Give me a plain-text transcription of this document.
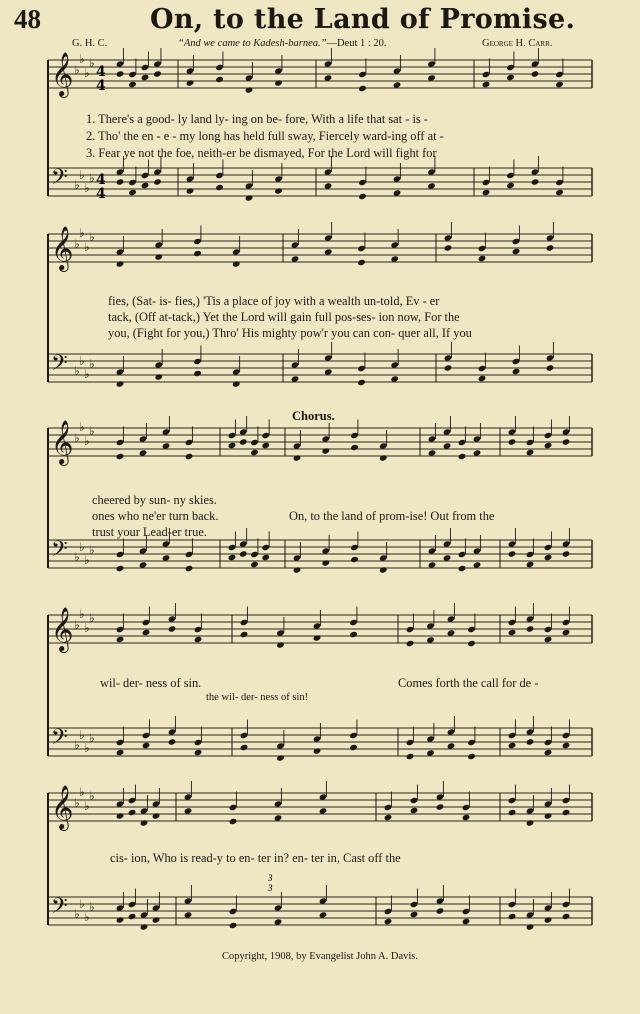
48	On, to the Land of Promise.
G. H. C.	“And we came to Kadesh-barnea.”—Deut 1 : 20.	George H. Carr.
𝄞 ♭
♭
♭
♭
𝄢 ♭
♭
♭
♭
𝄞 ♭
♭
♭
♭
𝄢 ♭
♭
♭
♭
𝄞 ♭
♭
♭
♭
𝄢 ♭
♭
♭
♭
𝄞 ♭
♭
♭
♭
𝄢 ♭
♭
♭
♭
𝄞 ♭
♭
♭
♭
𝄢 ♭
♭
♭
♭
4
4
4
4
3
3
1. There's a good- ly land ly- ing on be- fore, With a life that sat - is -
2. Tho' the en - e - my long has held full sway, Fiercely ward-ing off at -
3. Fear ye not the foe, neith-er be dismayed, For the Lord will fight for
fies, (Sat- is- fies,) 'Tis a place of joy with a wealth un-told, Ev - er
tack, (Off at-tack,) Yet the Lord will gain full pos-ses- ion now, For the
you, (Fight for you,) Thro' His mighty pow'r you can con- quer all, If you
Chorus.
cheered by sun- ny skies.
ones who ne'er turn back.
trust your Lead-er true.
On, to the land of prom-ise! Out from the
wil- der- ness of sin.	Comes forth the call for de -
the wil- der- ness of sin!
cis- ion, Who is read-y to en- ter in? en- ter in, Cast off the
Copyright, 1908, by Evangelist John A. Davis.
